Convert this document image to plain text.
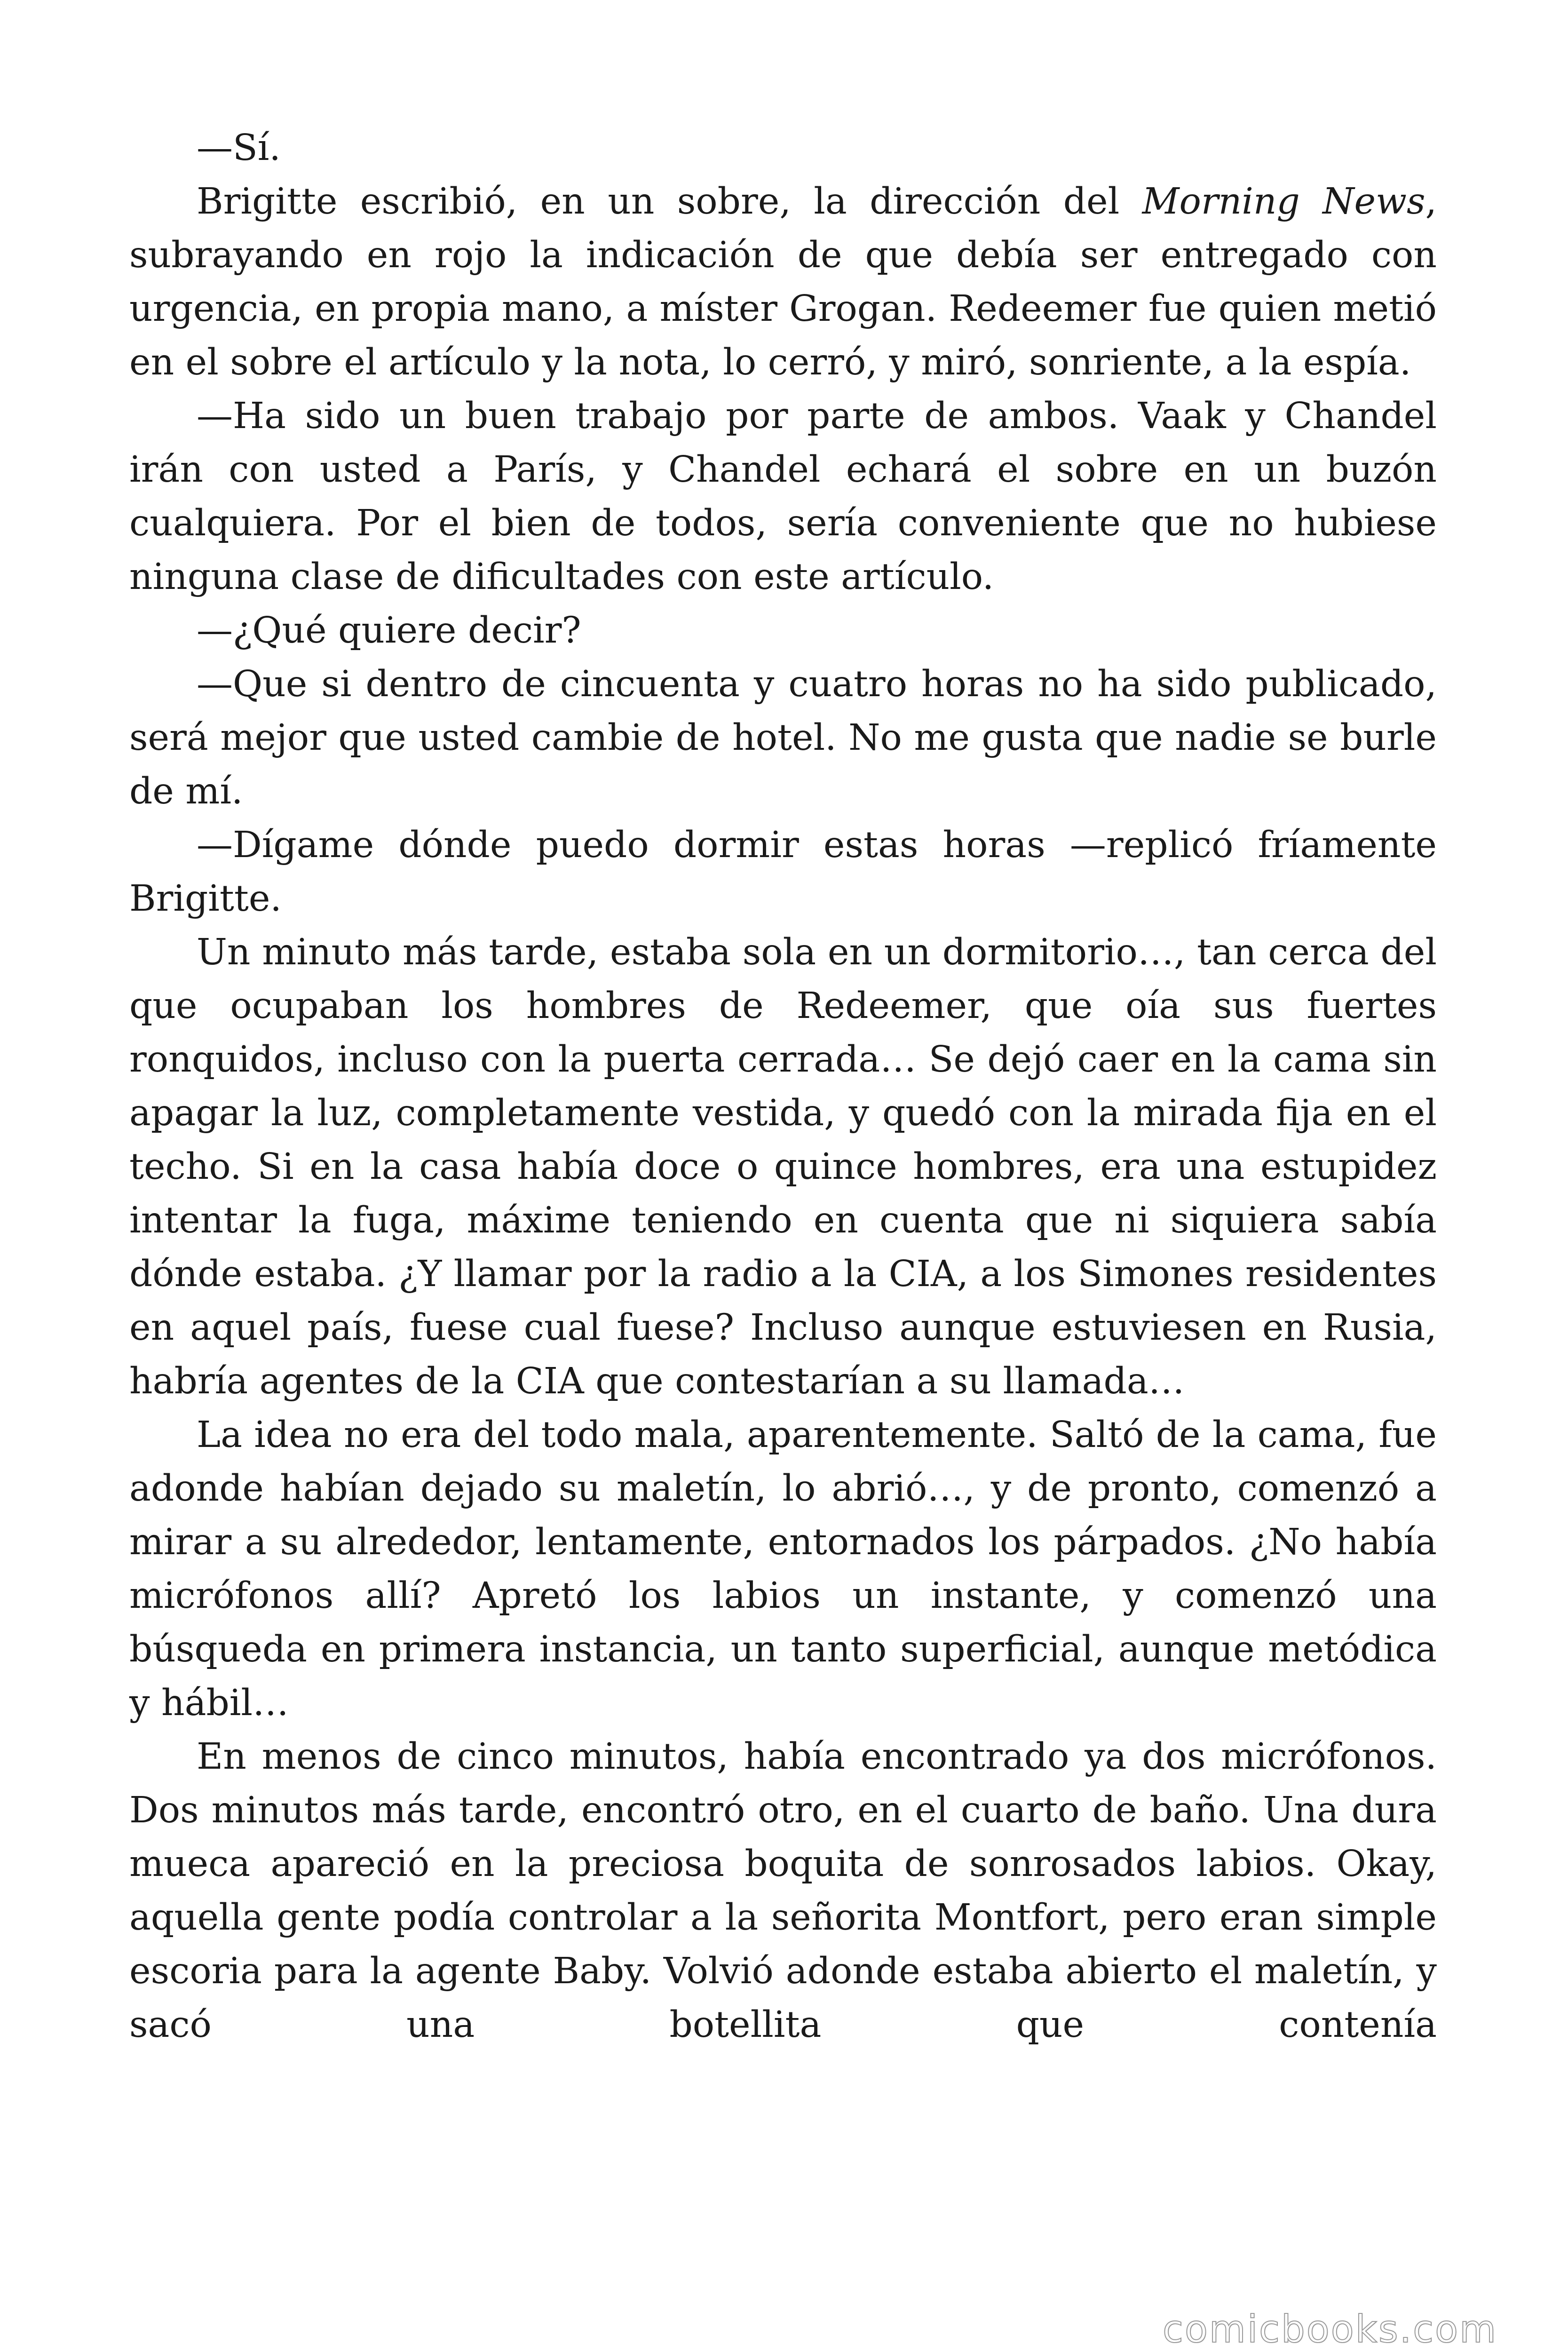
—Sí.

Brigitte escribió, en un sobre, la dirección del Morning News, subrayando en rojo la indicación de que debía ser entregado con urgencia, en propia mano, a míster Grogan. Redeemer fue quien metió en el sobre el artículo y la nota, lo cerró, y miró, sonriente, a la espía.

—Ha sido un buen trabajo por parte de ambos. Vaak y Chandel irán con usted a París, y Chandel echará el sobre en un buzón cualquiera. Por el bien de todos, sería conveniente que no hubiese ninguna clase de dificultades con este artículo.

—¿Qué quiere decir?

—Que si dentro de cincuenta y cuatro horas no ha sido publicado, será mejor que usted cambie de hotel. No me gusta que nadie se burle de mí.

—Dígame dónde puedo dormir estas horas —replicó fríamente Brigitte.

Un minuto más tarde, estaba sola en un dormitorio…, tan cerca del que ocupaban los hombres de Redeemer, que oía sus fuertes ronquidos, incluso con la puerta cerrada… Se dejó caer en la cama sin apagar la luz, completamente vestida, y quedó con la mirada fija en el techo. Si en la casa había doce o quince hombres, era una estupidez intentar la fuga, máxime teniendo en cuenta que ni siquiera sabía dónde estaba. ¿Y llamar por la radio a la CIA, a los Simones residentes en aquel país, fuese cual fuese? Incluso aunque estuviesen en Rusia, habría agentes de la CIA que contestarían a su llamada…

La idea no era del todo mala, aparentemente. Saltó de la cama, fue adonde habían dejado su maletín, lo abrió…, y de pronto, comenzó a mirar a su alrededor, lentamente, entornados los párpados. ¿No había micrófonos allí? Apretó los labios un instante, y comenzó una búsqueda en primera instancia, un tanto superficial, aunque metódica y hábil…

En menos de cinco minutos, había encontrado ya dos micrófonos. Dos minutos más tarde, encontró otro, en el cuarto de baño. Una dura mueca apareció en la preciosa boquita de sonrosados labios. Okay, aquella gente podía controlar a la señorita Montfort, pero eran simple escoria para la agente Baby. Volvió adonde estaba abierto el maletín, y sacó una botellita que contenía

comicbooks.com
